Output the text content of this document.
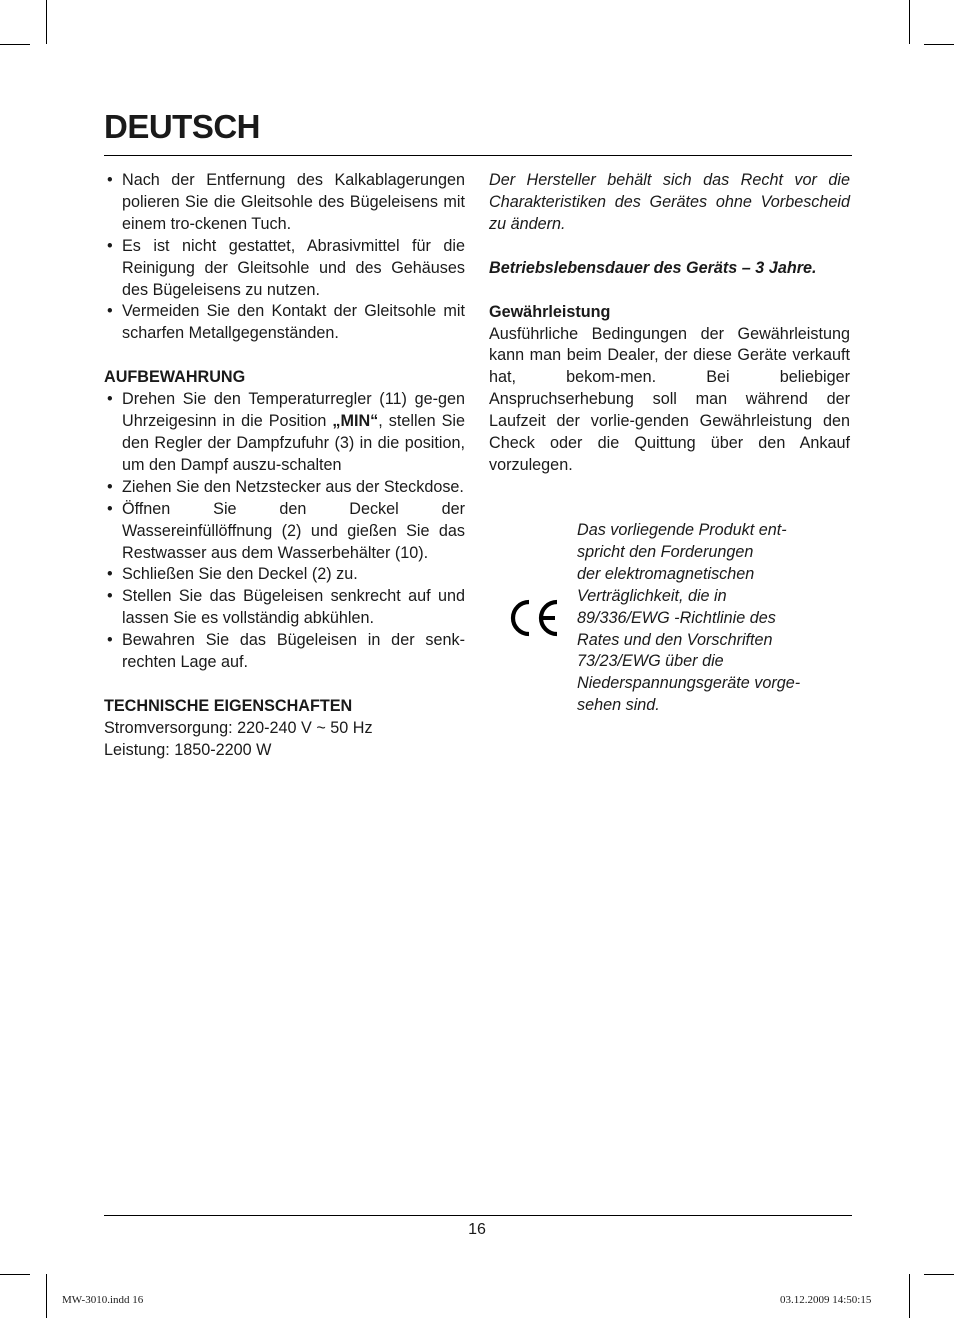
DEUTSCH
• Nach der Entfernung des Kalkablagerungen polieren Sie die Gleitsohle des Bügeleisens mit einem tro-ckenen Tuch.
• Es ist nicht gestattet, Abrasivmittel für die Reinigung der Gleitsohle und des Gehäuses des Bügeleisens zu nutzen.
• Vermeiden Sie den Kontakt der Gleitsohle mit scharfen Metallgegenständen.

AUFBEWAHRUNG

• Drehen Sie den Temperaturregler (11) ge-gen Uhrzeigesinn in die Position „MIN“, stellen Sie den Regler der Dampfzufuhr (3) in die position, um den Dampf auszu-schalten
• Ziehen Sie den Netzstecker aus der Steckdose.
• Öffnen Sie den Deckel der Wassereinfüllöffnung (2) und gießen Sie das Restwasser aus dem Wasserbehälter (10).
• Schließen Sie den Deckel (2) zu.
• Stellen Sie das Bügeleisen senkrecht auf und lassen Sie es vollständig abkühlen.
• Bewahren Sie das Bügeleisen in der senk-rechten Lage auf.

TECHNISCHE EIGENSCHAFTEN

Stromversorgung: 220-240 V ~ 50 Hz

Leistung: 1850-2200 W

Der Hersteller behält sich das Recht vor die Charakteristiken des Gerätes ohne Vorbescheid zu ändern.

Betriebslebensdauer des Geräts – 3 Jahre.

Gewährleistung

Ausführliche Bedingungen der Gewährleistung kann man beim Dealer, der diese Geräte verkauft hat, bekom-men. Bei beliebiger Anspruchserhebung soll man während der Laufzeit der vorlie-genden Gewährleistung den Check oder die Quittung über den Ankauf vorzulegen.

Das vorliegende Produkt ent-
spricht den Forderungen
der elektromagnetischen
Verträglichkeit, die in
89/336/EWG -Richtlinie des
Rates und den Vorschriften
73/23/EWG über die
Niederspannungsgeräte vorge-
sehen sind.
16
MW-3010.indd 16	03.12.2009 14:50:15
